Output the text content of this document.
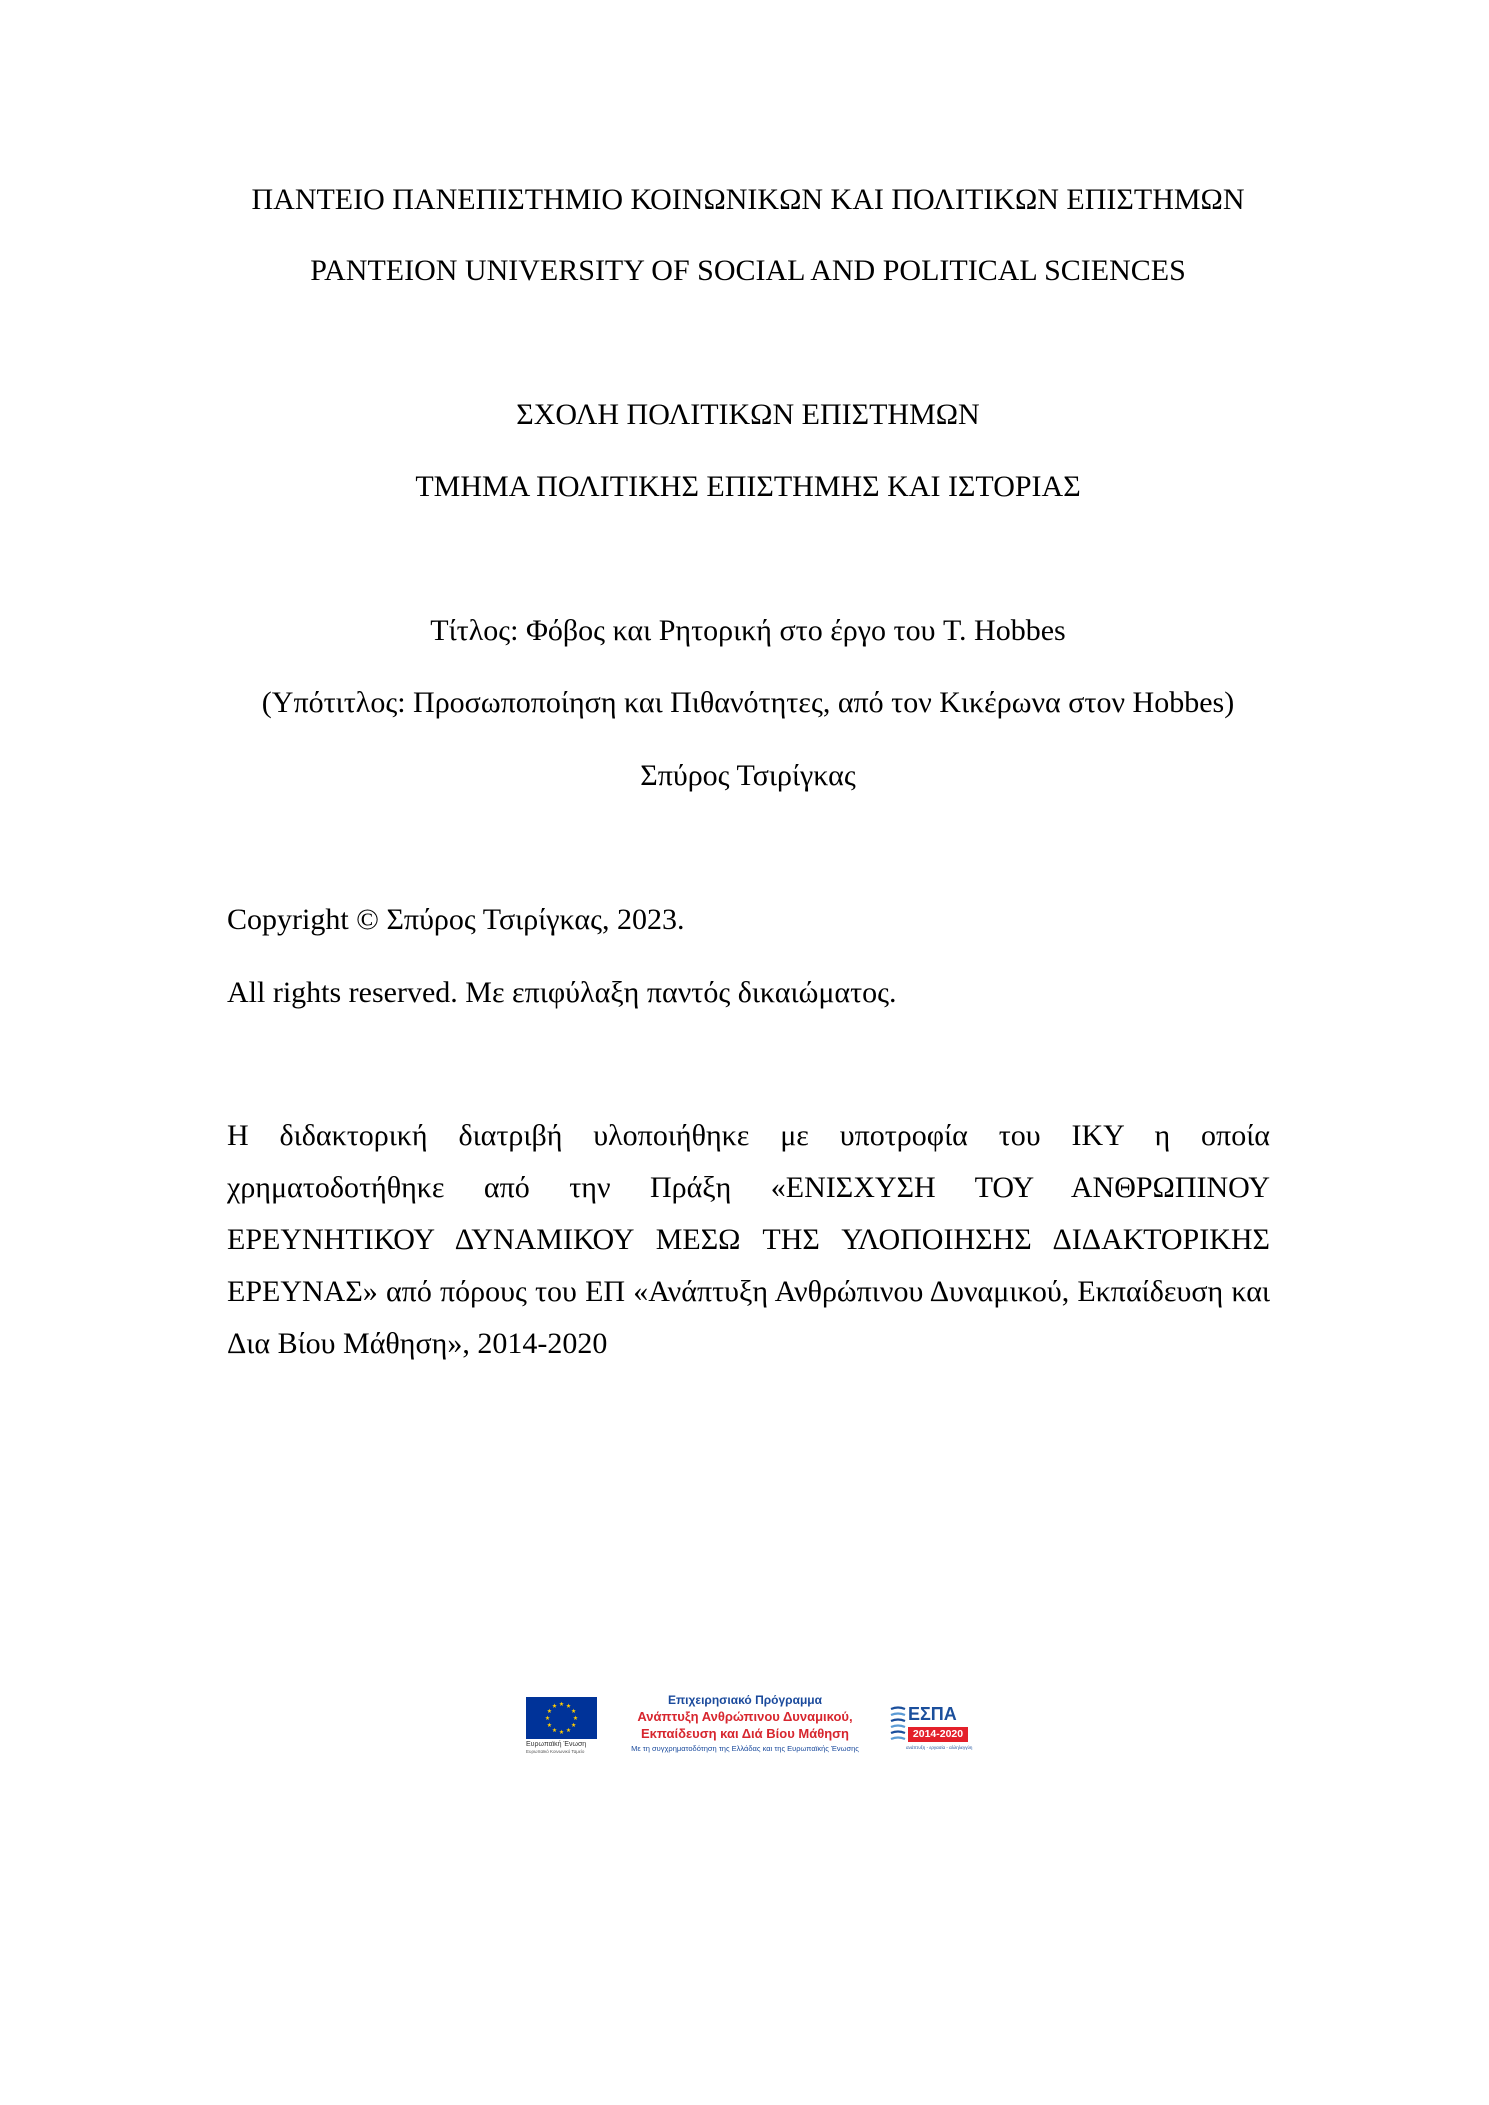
ΠΑΝΤΕΙΟ ΠΑΝΕΠΙΣΤΗΜΙΟ ΚΟΙΝΩΝΙΚΩΝ ΚΑΙ ΠΟΛΙΤΙΚΩΝ ΕΠΙΣΤΗΜΩΝ
PANTEION UNIVERSITY OF SOCIAL AND POLITICAL SCIENCES
ΣΧΟΛΗ ΠΟΛΙΤΙΚΩΝ ΕΠΙΣΤΗΜΩΝ
ΤΜΗΜΑ ΠΟΛΙΤΙΚΗΣ ΕΠΙΣΤΗΜΗΣ ΚΑΙ ΙΣΤΟΡΙΑΣ
Τίτλος: Φόβος και Ρητορική στο έργο του T. Hobbes
(Υπότιτλος: Προσωποποίηση και Πιθανότητες, από τον Κικέρωνα στον Hobbes)
Σπύρος Τσιρίγκας
Copyright © Σπύρος Τσιρίγκας, 2023.
All rights reserved. Με επιφύλαξη παντός δικαιώματος.
Η διδακτορική διατριβή υλοποιήθηκε με υποτροφία του ΙΚΥ η οποία
χρηματοδοτήθηκε από την Πράξη «ΕΝΙΣΧΥΣΗ ΤΟΥ ΑΝΘΡΩΠΙΝΟΥ
ΕΡΕΥΝΗΤΙΚΟΥ ΔΥΝΑΜΙΚΟΥ ΜΕΣΩ ΤΗΣ ΥΛΟΠΟΙΗΣΗΣ ΔΙΔΑΚΤΟΡΙΚΗΣ
ΕΡΕΥΝΑΣ» από πόρους του ΕΠ «Ανάπτυξη Ανθρώπινου Δυναμικού, Εκπαίδευση και
Δια Βίου Μάθηση», 2014-2020
Ευρωπαϊκή Ένωση
Ευρωπαϊκό Κοινωνικό Ταμείο
Επιχειρησιακό Πρόγραμμα
Ανάπτυξη Ανθρώπινου Δυναμικού,
Εκπαίδευση και Διά Βίου Μάθηση
Με τη συγχρηματοδότηση της Ελλάδας και της Ευρωπαϊκής Ένωσης
ΕΣΠΑ
2014-2020
ανάπτυξη - εργασία - αλληλεγγύη
